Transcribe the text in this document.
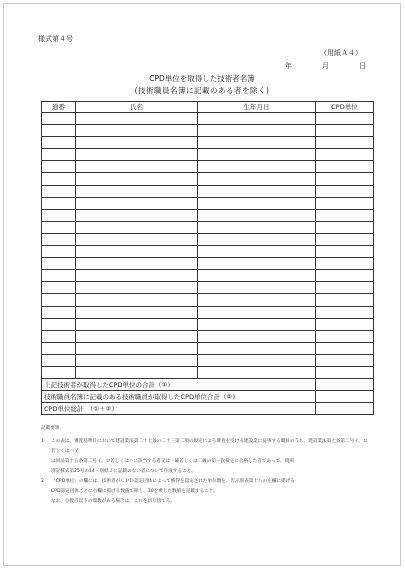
様式第４号
（用紙Ａ４）
年	月	日
CPD単位を取得した技術者名簿
(技術職員名簿に記載のある者を除く)
通番	氏名	生年月日	CPD単位

上記技術者が取得したCPD単位の合計（①）			
技術職員名簿に記載のある技術職員が取得したCPD単位合計（②）			
CPD単位総計　（①＋②）			
記載要領
1 この表は、審査基準日において建設業法第二十七条の二十三第二項の規定による審査を受ける建設業に従事する職員のうち、建設業法第七条第二号イ、ロ若しくはハ又
は同法第十五条第二号イ、ロ若しくはハに該当する者又は一級若しくは二級の第一次検定に合格した者であって、規則
別記様式第25号の14・別紙２に記載のない者について作成すること。
2 「CPD単位」の欄には、技術者がＣＰＤ認定団体によって修得を認定された単位数を、告示別表第十八の左欄に掲げる
CPD認定団体ごとに右欄に掲げる数値で除し、30を乗じた数値を記載すること。
なお、小数点以下の端数がある場合は、これを切り捨てる。
